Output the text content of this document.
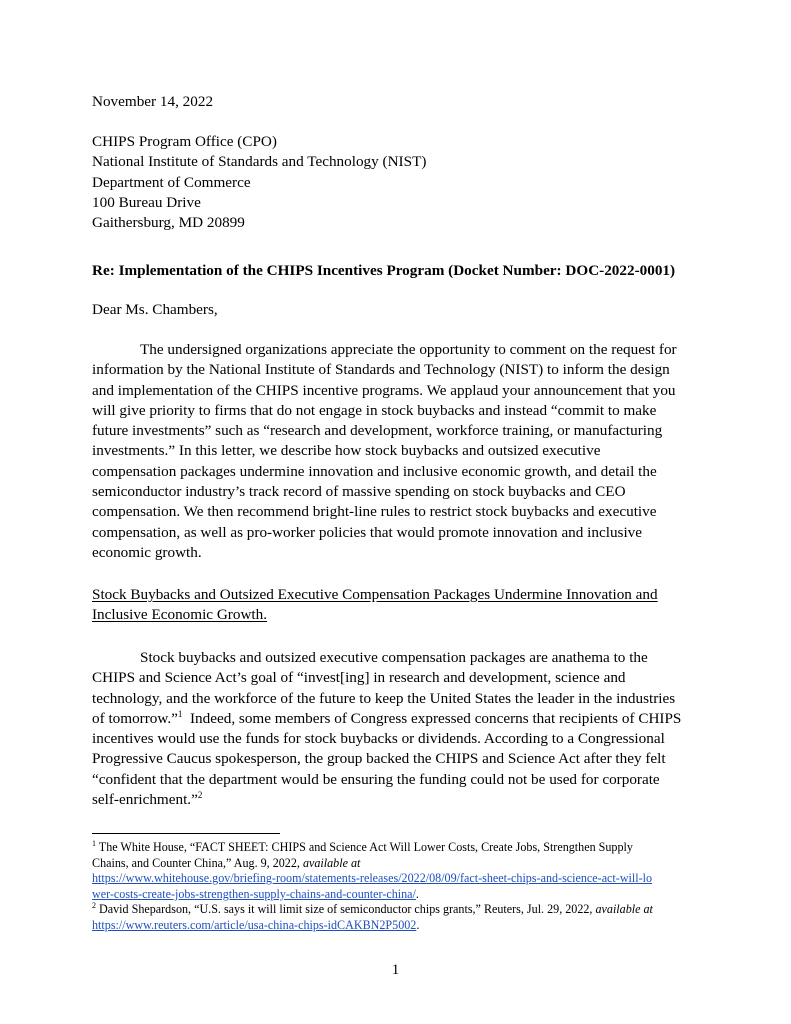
November 14, 2022
CHIPS Program Office (CPO)
National Institute of Standards and Technology (NIST)
Department of Commerce
100 Bureau Drive
Gaithersburg, MD 20899
Re: Implementation of the CHIPS Incentives Program (Docket Number: DOC-2022-0001)
Dear Ms. Chambers,
The undersigned organizations appreciate the opportunity to comment on the request for
information by the National Institute of Standards and Technology (NIST) to inform the design
and implementation of the CHIPS incentive programs. We applaud your announcement that you
will give priority to firms that do not engage in stock buybacks and instead “commit to make
future investments” such as “research and development, workforce training, or manufacturing
investments.” In this letter, we describe how stock buybacks and outsized executive
compensation packages undermine innovation and inclusive economic growth, and detail the
semiconductor industry’s track record of massive spending on stock buybacks and CEO
compensation. We then recommend bright-line rules to restrict stock buybacks and executive
compensation, as well as pro-worker policies that would promote innovation and inclusive
economic growth.
Stock Buybacks and Outsized Executive Compensation Packages Undermine Innovation and
Inclusive Economic Growth.
Stock buybacks and outsized executive compensation packages are anathema to the
CHIPS and Science Act’s goal of “invest[ing] in research and development, science and
technology, and the workforce of the future to keep the United States the leader in the industries
of tomorrow.”$^1$  Indeed, some members of Congress expressed concerns that recipients of CHIPS
incentives would use the funds for stock buybacks or dividends. According to a Congressional
Progressive Caucus spokesperson, the group backed the CHIPS and Science Act after they felt
“confident that the department would be ensuring the funding could not be used for corporate
self-enrichment.”$^2$
$^1$ The White House, “FACT SHEET: CHIPS and Science Act Will Lower Costs, Create Jobs, Strengthen Supply
Chains, and Counter China,” Aug. 9, 2022, available at
https://www.whitehouse.gov/briefing-room/statements-releases/2022/08/09/fact-sheet-chips-and-science-act-will-lo
wer-costs-create-jobs-strengthen-supply-chains-and-counter-china/.
$^2$ David Shepardson, “U.S. says it will limit size of semiconductor chips grants,” Reuters, Jul. 29, 2022, available at
https://www.reuters.com/article/usa-china-chips-idCAKBN2P5002.
1
